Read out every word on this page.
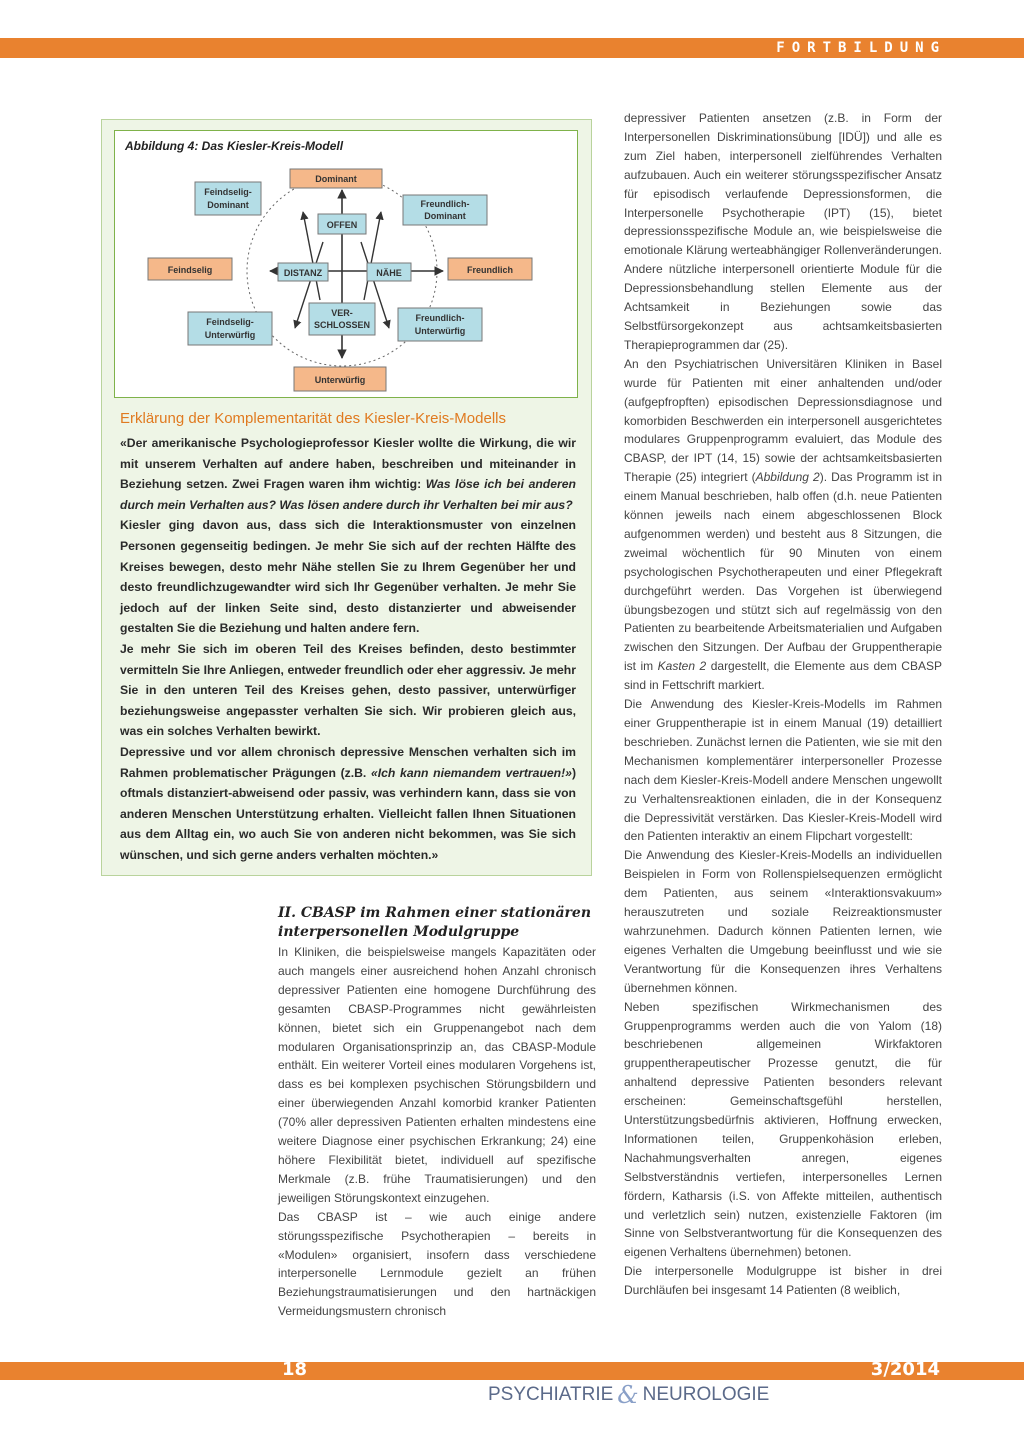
FORTBILDUNG
Abbildung 4: Das Kiesler-Kreis-Modell
Dominant
Feindselig-
Dominant	Freundlich-
Dominant
OFFEN
Feindselig	DISTANZ	NÄHE	Freundlich
VER-
SCHLOSSEN
Feindselig-
Unterwürfig
Freundlich-
Unterwürfig
Unterwürfig
Erklärung der Komplementarität des Kiesler-Kreis-Modells

«Der amerikanische Psychologieprofessor Kiesler wollte die Wirkung, die wir mit unserem Verhalten auf andere haben, beschreiben und miteinander in Beziehung setzen. Zwei Fragen waren ihm wichtig: Was löse ich bei anderen durch mein Verhalten aus? Was lösen andere durch ihr Verhalten bei mir aus?

Kiesler ging davon aus, dass sich die Interaktionsmuster von einzelnen Personen gegenseitig bedingen. Je mehr Sie sich auf der rechten Hälfte des Kreises bewegen, desto mehr Nähe stellen Sie zu Ihrem Gegenüber her und desto freundlichzugewandter wird sich Ihr Gegenüber verhalten. Je mehr Sie jedoch auf der linken Seite sind, desto distanzierter und abweisender gestalten Sie die Beziehung und halten andere fern.

Je mehr Sie sich im oberen Teil des Kreises befinden, desto bestimmter vermitteln Sie Ihre Anliegen, entweder freundlich oder eher aggressiv. Je mehr Sie in den unteren Teil des Kreises gehen, desto passiver, unterwürfiger beziehungsweise angepasster verhalten Sie sich. Wir probieren gleich aus, was ein solches Verhalten bewirkt.

Depressive und vor allem chronisch depressive Menschen verhalten sich im Rahmen problematischer Prägungen (z.B. «Ich kann niemandem vertrauen!») oftmals distanziert-abweisend oder passiv, was verhindern kann, dass sie von anderen Menschen Unterstützung erhalten. Vielleicht fallen Ihnen Situationen aus dem Alltag ein, wo auch Sie von anderen nicht bekommen, was Sie sich wünschen, und sich gerne anders verhalten möchten.»

II. CBASP im Rahmen einer stationären interpersonellen Modulgruppe

In Kliniken, die beispielsweise mangels Kapazitäten oder auch mangels einer ausreichend hohen Anzahl chronisch depressiver Patienten eine homogene Durchführung des gesamten CBASP-Programmes nicht gewährleisten können, bietet sich ein Gruppenangebot nach dem modularen Organisationsprinzip an, das CBASP-Module enthält. Ein weiterer Vorteil eines modularen Vorgehens ist, dass es bei komplexen psychischen Störungsbildern und einer überwiegenden Anzahl komorbid kranker Patienten (70% aller depressiven Patienten erhalten mindestens eine weitere Diagnose einer psychischen Erkrankung; 24) eine höhere Flexibilität bietet, individuell auf spezifische Merkmale (z.B. frühe Traumatisierungen) und den jeweiligen Störungskontext einzugehen.

Das CBASP ist – wie auch einige andere störungsspezifische Psychotherapien – bereits in «Modulen» organisiert, insofern dass verschiedene interpersonelle Lernmodule gezielt an frühen Beziehungstraumatisierungen und den hartnäckigen Vermeidungsmustern chronisch

depressiver Patienten ansetzen (z.B. in Form der Interpersonellen Diskriminationsübung [IDÜ]) und alle es zum Ziel haben, interpersonell zielführendes Verhalten aufzubauen. Auch ein weiterer störungsspezifischer Ansatz für episodisch verlaufende Depressionsformen, die Interpersonelle Psychotherapie (IPT) (15), bietet depressionsspezifische Module an, wie beispielsweise die emotionale Klärung werteabhängiger Rollenveränderungen. Andere nützliche interpersonell orientierte Module für die Depressionsbehandlung stellen Elemente aus der Achtsamkeit in Beziehungen sowie das Selbstfürsorgekonzept aus achtsamkeitsbasierten Therapieprogrammen dar (25).

An den Psychiatrischen Universitären Kliniken in Basel wurde für Patienten mit einer anhaltenden und/oder (aufgepfropften) episodischen Depressionsdiagnose und komorbiden Beschwerden ein interpersonell ausgerichtetes modulares Gruppenprogramm evaluiert, das Module des CBASP, der IPT (14, 15) sowie der achtsamkeitsbasierten Therapie (25) integriert (Abbildung 2). Das Programm ist in einem Manual beschrieben, halb offen (d.h. neue Patienten können jeweils nach einem abgeschlossenen Block aufgenommen werden) und besteht aus 8 Sitzungen, die zweimal wöchentlich für 90 Minuten von einem psychologischen Psychotherapeuten und einer Pflegekraft durchgeführt werden. Das Vorgehen ist überwiegend übungsbezogen und stützt sich auf regelmässig von den Patienten zu bearbeitende Arbeitsmaterialien und Aufgaben zwischen den Sitzungen. Der Aufbau der Gruppentherapie ist im Kasten 2 dargestellt, die Elemente aus dem CBASP sind in Fettschrift markiert.

Die Anwendung des Kiesler-Kreis-Modells im Rahmen einer Gruppentherapie ist in einem Manual (19) detailliert beschrieben. Zunächst lernen die Patienten, wie sie mit den Mechanismen komplementärer interpersoneller Prozesse nach dem Kiesler-Kreis-Modell andere Menschen ungewollt zu Verhaltensreaktionen einladen, die in der Konsequenz die Depressivität verstärken. Das Kiesler-Kreis-Modell wird den Patienten interaktiv an einem Flipchart vorgestellt:

Die Anwendung des Kiesler-Kreis-Modells an individuellen Beispielen in Form von Rollenspielsequenzen ermöglicht dem Patienten, aus seinem «Interaktionsvakuum» herauszutreten und soziale Reizreaktionsmuster wahrzunehmen. Dadurch können Patienten lernen, wie eigenes Verhalten die Umgebung beeinflusst und wie sie Verantwortung für die Konsequenzen ihres Verhaltens übernehmen können.

Neben spezifischen Wirkmechanismen des Gruppenprogramms werden auch die von Yalom (18) beschriebenen allgemeinen Wirkfaktoren gruppentherapeutischer Prozesse genutzt, die für anhaltend depressive Patienten besonders relevant erscheinen: Gemeinschaftsgefühl herstellen, Unterstützungsbedürfnis aktivieren, Hoffnung erwecken, Informationen teilen, Gruppenkohäsion erleben, Nachahmungsverhalten anregen, eigenes Selbstverständnis vertiefen, interpersonelles Lernen fördern, Katharsis (i.S. von Affekte mitteilen, authentisch und verletzlich sein) nutzen, existenzielle Faktoren (im Sinne von Selbstverantwortung für die Konsequenzen des eigenen Verhaltens übernehmen) betonen.

Die interpersonelle Modulgruppe ist bisher in drei Durchläufen bei insgesamt 14 Patienten (8 weiblich,

18	3/2014
PSYCHIATRIE & NEUROLOGIE
